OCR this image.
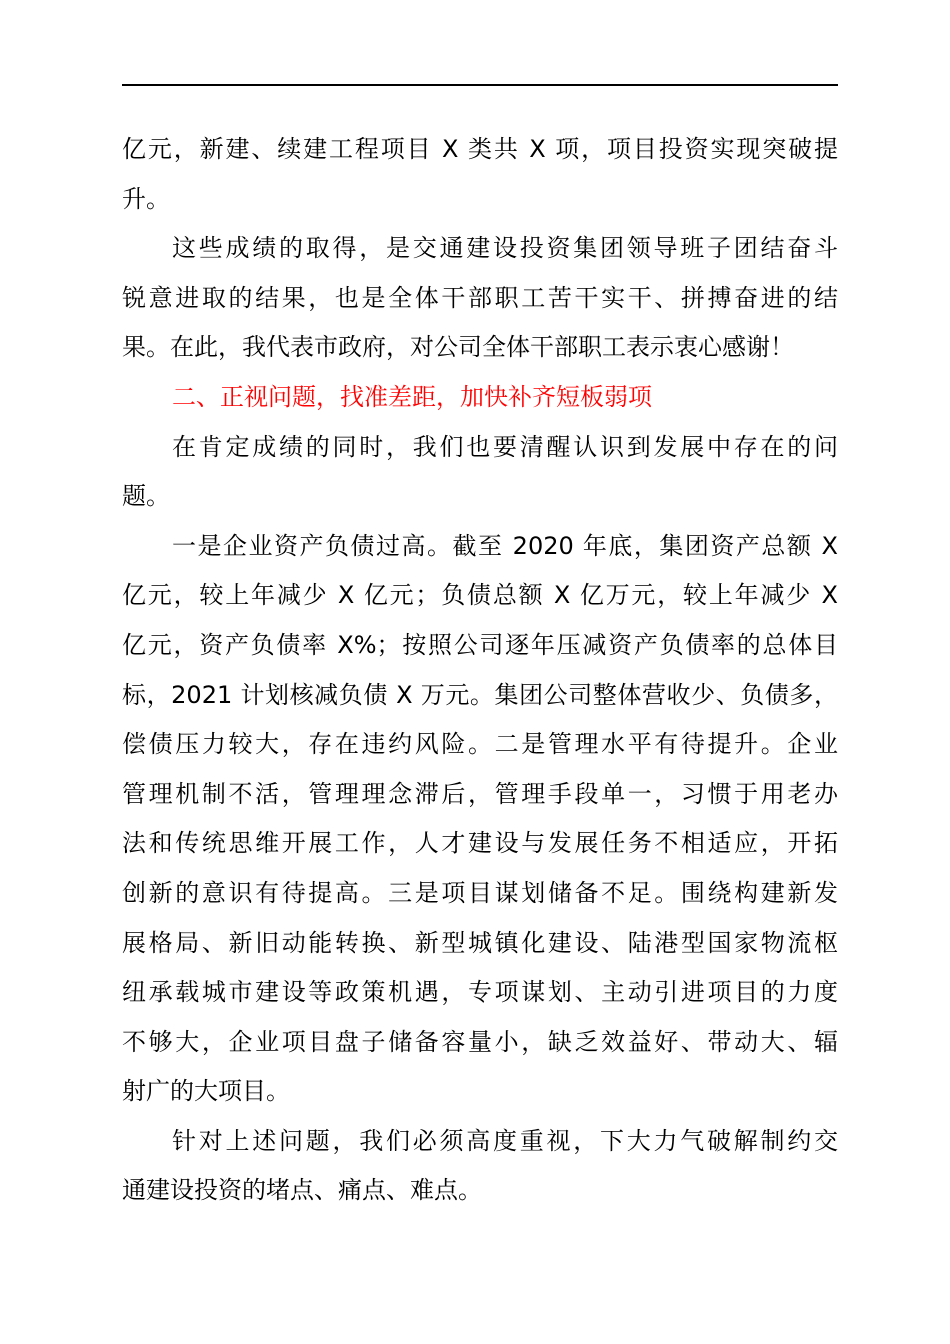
亿元，新建、续建工程项目 X 类共 X 项，项目投资实现突破提
升。
这些成绩的取得，是交通建设投资集团领导班子团结奋斗
锐意进取的结果，也是全体干部职工苦干实干、拼搏奋进的结
果。在此，我代表市政府，对公司全体干部职工表示衷心感谢！
二、正视问题，找准差距，加快补齐短板弱项
在肯定成绩的同时，我们也要清醒认识到发展中存在的问
题。
一是企业资产负债过高。截至 2020 年底，集团资产总额 X
亿元，较上年减少 X 亿元；负债总额 X 亿万元，较上年减少 X
亿元，资产负债率 X%；按照公司逐年压减资产负债率的总体目
标，2021 计划核减负债 X 万元。集团公司整体营收少、负债多，
偿债压力较大，存在违约风险。二是管理水平有待提升。企业
管理机制不活，管理理念滞后，管理手段单一，习惯于用老办
法和传统思维开展工作，人才建设与发展任务不相适应，开拓
创新的意识有待提高。三是项目谋划储备不足。围绕构建新发
展格局、新旧动能转换、新型城镇化建设、陆港型国家物流枢
纽承载城市建设等政策机遇，专项谋划、主动引进项目的力度
不够大，企业项目盘子储备容量小，缺乏效益好、带动大、辐
射广的大项目。
针对上述问题，我们必须高度重视，下大力气破解制约交
通建设投资的堵点、痛点、难点。
